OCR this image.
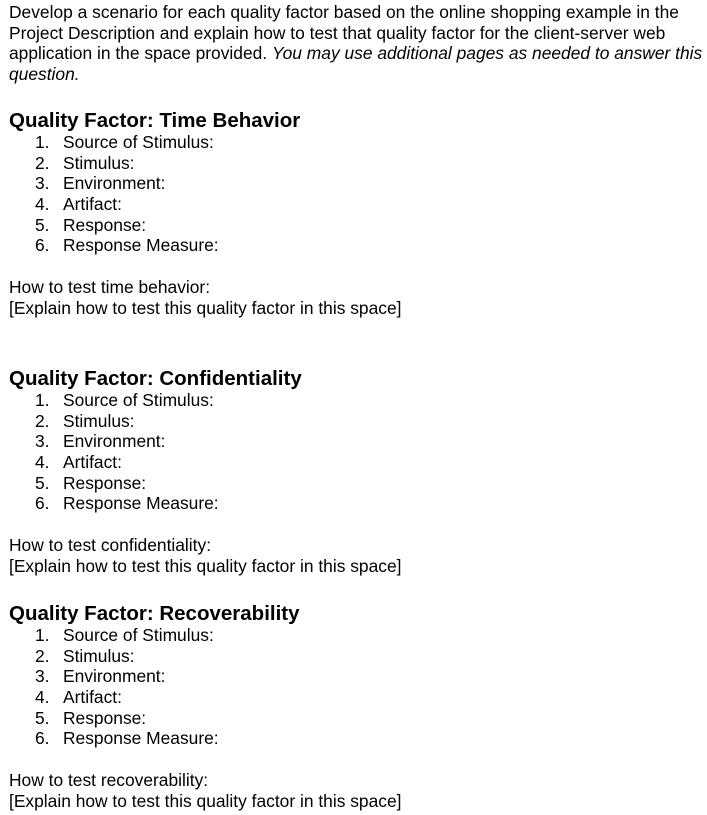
Develop a scenario for each quality factor based on the online shopping example in the Project Description and explain how to test that quality factor for the client-server web application in the space provided. You may use additional pages as needed to answer this question.

Quality Factor: Time Behavior
1. Source of Stimulus:
2. Stimulus:
3. Environment:
4. Artifact:
5. Response:
6. Response Measure:

How to test time behavior:

[Explain how to test this quality factor in this space]

Quality Factor: Confidentiality
1. Source of Stimulus:
2. Stimulus:
3. Environment:
4. Artifact:
5. Response:
6. Response Measure:

How to test confidentiality:

[Explain how to test this quality factor in this space]

Quality Factor: Recoverability
1. Source of Stimulus:
2. Stimulus:
3. Environment:
4. Artifact:
5. Response:
6. Response Measure:

How to test recoverability:

[Explain how to test this quality factor in this space]
